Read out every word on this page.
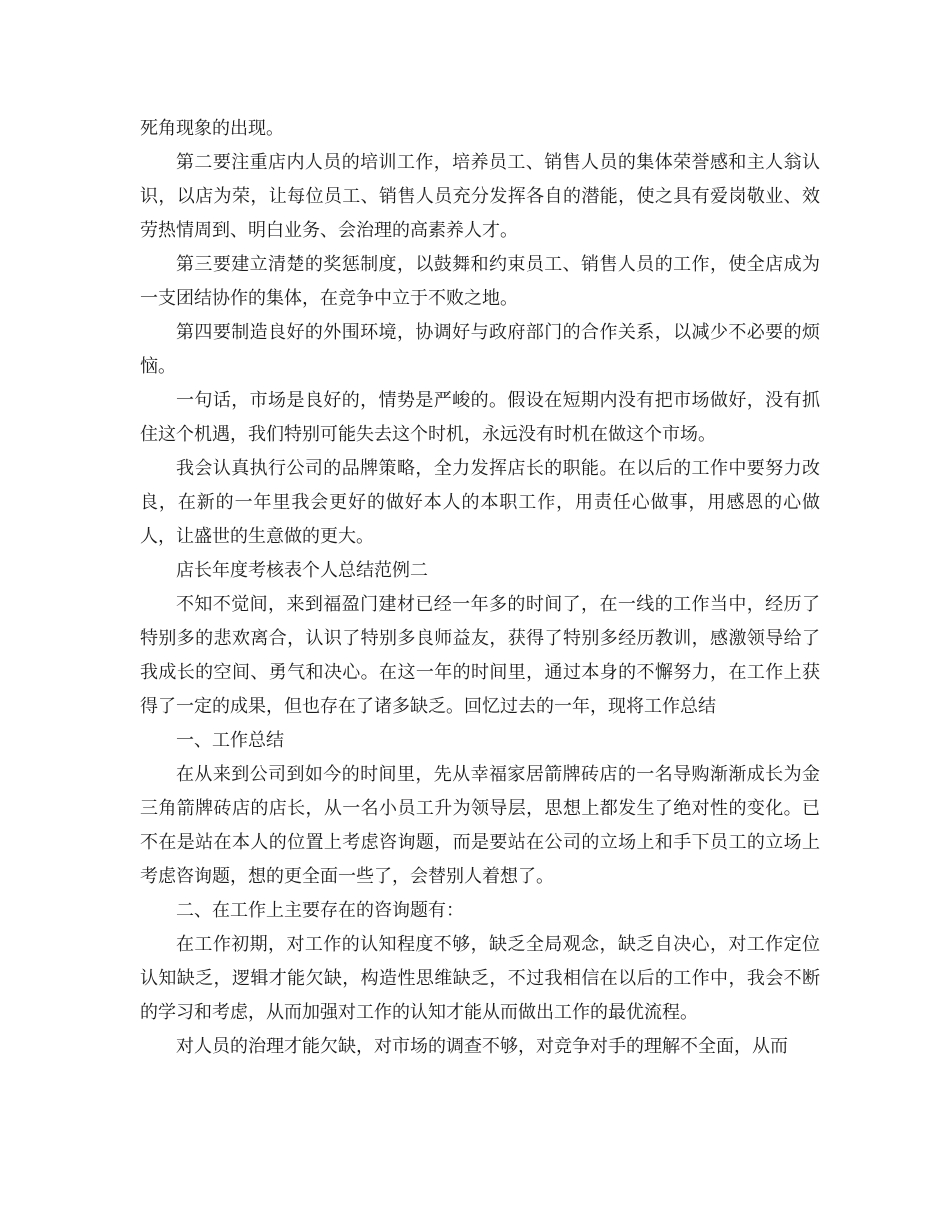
死角现象的出现。

第二要注重店内人员的培训工作，培养员工、销售人员的集体荣誉感和主人翁认识，以店为荣，让每位员工、销售人员充分发挥各自的潜能，使之具有爱岗敬业、效劳热情周到、明白业务、会治理的高素养人才。

第三要建立清楚的奖惩制度，以鼓舞和约束员工、销售人员的工作，使全店成为一支团结协作的集体，在竞争中立于不败之地。

第四要制造良好的外围环境，协调好与政府部门的合作关系，以减少不必要的烦恼。

一句话，市场是良好的，情势是严峻的。假设在短期内没有把市场做好，没有抓住这个机遇，我们特别可能失去这个时机，永远没有时机在做这个市场。

我会认真执行公司的品牌策略，全力发挥店长的职能。在以后的工作中要努力改良，在新的一年里我会更好的做好本人的本职工作，用责任心做事，用感恩的心做人，让盛世的生意做的更大。

店长年度考核表个人总结范例二

不知不觉间，来到福盈门建材已经一年多的时间了，在一线的工作当中，经历了特别多的悲欢离合，认识了特别多良师益友，获得了特别多经历教训，感激领导给了我成长的空间、勇气和决心。在这一年的时间里，通过本身的不懈努力，在工作上获得了一定的成果，但也存在了诸多缺乏。回忆过去的一年，现将工作总结

一、工作总结

在从来到公司到如今的时间里，先从幸福家居箭牌砖店的一名导购渐渐成长为金三角箭牌砖店的店长，从一名小员工升为领导层，思想上都发生了绝对性的变化。已不在是站在本人的位置上考虑咨询题，而是要站在公司的立场上和手下员工的立场上考虑咨询题，想的更全面一些了，会替别人着想了。

二、在工作上主要存在的咨询题有：

在工作初期，对工作的认知程度不够，缺乏全局观念，缺乏自决心，对工作定位认知缺乏，逻辑才能欠缺，构造性思维缺乏，不过我相信在以后的工作中，我会不断的学习和考虑，从而加强对工作的认知才能从而做出工作的最优流程。

对人员的治理才能欠缺，对市场的调查不够，对竞争对手的理解不全面，从而
